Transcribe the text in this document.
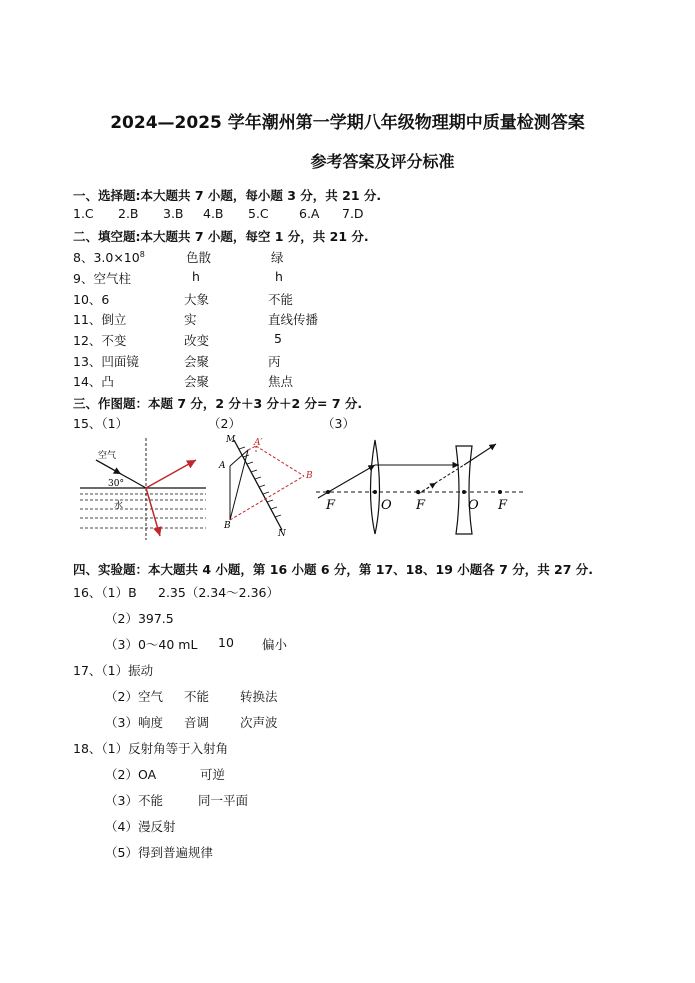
2024—2025 学年潮州第一学期八年级物理期中质量检测答案
参考答案及评分标准
一、选择题:本大题共 7 小题，每小题 3 分，共 21 分.
1.C 2.B 3.B 4.B 5.C 6.A 7.D
二、填空题:本大题共 7 小题，每空 1 分，共 21 分.
8、$3.0\times 10^8$	色散	绿
9、空气柱	h	h
10、6	大象	不能
11、倒立	实	直线传播
12、不变	改变	5
13、凹面镜	会聚	丙
14、凸	会聚	焦点
三、作图题：本题 7 分，2 分＋3 分＋2 分= 7 分.
15、（1）	（2）	（3）
空气
30°
水
M
A
A′
B
B
N
F	O F	O F
四、实验题：本大题共 4 小题，第 16 小题 6 分，第 17、18、19 小题各 7 分，共 27 分.
16、（1）B 2.35（2.34～2.36）
（2）397.5
（3）0～40 mL 10 偏小
17、（1）振动
（2）空气 不能 转换法
（3）响度 音调 次声波
18、（1）反射角等于入射角
（2）OA	可逆
（3）不能	同一平面
（4）漫反射
（5）得到普遍规律
